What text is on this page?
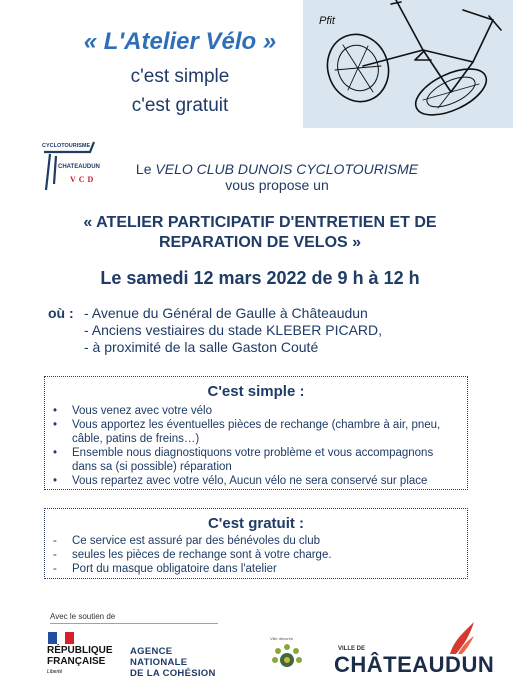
« L'Atelier Vélo »
c'est simple
c'est gratuit
Pfit
CYCLOTOURISME
CHATEAUDUN
VCD
Le VELO CLUB DUNOIS CYCLOTOURISME
vous propose un
« ATELIER PARTICIPATIF D'ENTRETIEN ET DE
REPARATION DE VELOS »
Le samedi 12 mars 2022 de 9 h à 12 h
où : - Avenue du Général de Gaulle à Châteaudun
- Anciens vestiaires du stade KLEBER PICARD,
- à proximité de la salle Gaston Couté
C'est simple :
• Vous venez avec votre vélo
• Vous apportez les éventuelles pièces de rechange (chambre à air, pneu,
câble, patins de freins…)
• Ensemble nous diagnostiquons votre problème et vous accompagnons
dans sa (si possible) réparation
• Vous repartez avec votre vélo, Aucun vélo ne sera conservé sur place
C'est gratuit :
- Ce service est assuré par des bénévoles du club
- seules les pièces de rechange sont à votre charge.
- Port du masque obligatoire dans l'atelier
Avec le soutien de
RÉPUBLIQUE
FRANÇAISE
Liberté
AGENCE
NATIONALE
DE LA COHÉSION
Ville décorée
VILLE DE
CHÂTEAUDUN
